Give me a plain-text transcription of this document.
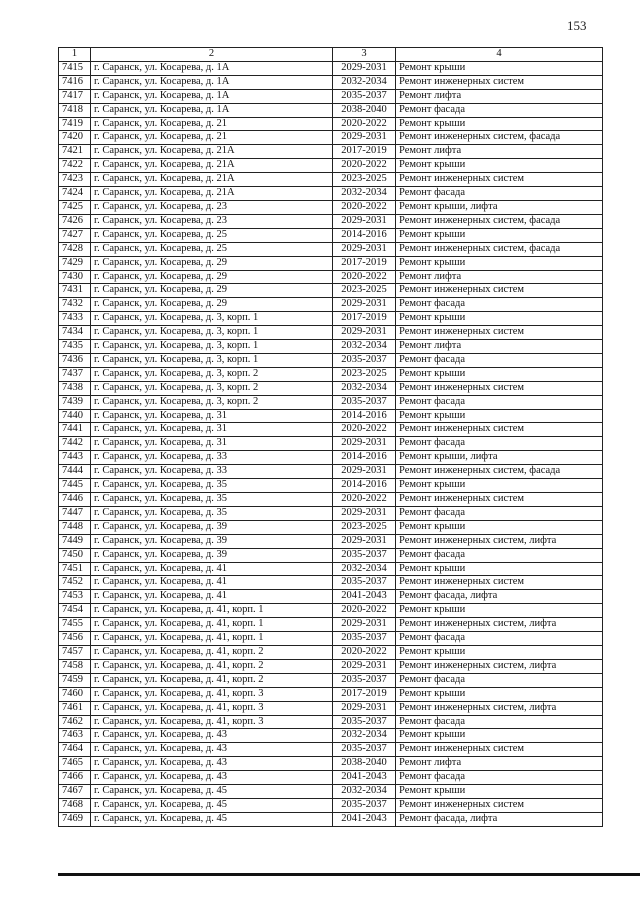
153
1	2	3	4
7415	г. Саранск, ул. Косарева, д. 1А	2029-2031	Ремонт крыши
7416	г. Саранск, ул. Косарева, д. 1А	2032-2034	Ремонт инженерных систем
7417	г. Саранск, ул. Косарева, д. 1А	2035-2037	Ремонт лифта
7418	г. Саранск, ул. Косарева, д. 1А	2038-2040	Ремонт фасада
7419	г. Саранск, ул. Косарева, д. 21	2020-2022	Ремонт крыши
7420	г. Саранск, ул. Косарева, д. 21	2029-2031	Ремонт инженерных систем, фасада
7421	г. Саранск, ул. Косарева, д. 21А	2017-2019	Ремонт лифта
7422	г. Саранск, ул. Косарева, д. 21А	2020-2022	Ремонт крыши
7423	г. Саранск, ул. Косарева, д. 21А	2023-2025	Ремонт инженерных систем
7424	г. Саранск, ул. Косарева, д. 21А	2032-2034	Ремонт фасада
7425	г. Саранск, ул. Косарева, д. 23	2020-2022	Ремонт крыши, лифта
7426	г. Саранск, ул. Косарева, д. 23	2029-2031	Ремонт инженерных систем, фасада
7427	г. Саранск, ул. Косарева, д. 25	2014-2016	Ремонт крыши
7428	г. Саранск, ул. Косарева, д. 25	2029-2031	Ремонт инженерных систем, фасада
7429	г. Саранск, ул. Косарева, д. 29	2017-2019	Ремонт крыши
7430	г. Саранск, ул. Косарева, д. 29	2020-2022	Ремонт лифта
7431	г. Саранск, ул. Косарева, д. 29	2023-2025	Ремонт инженерных систем
7432	г. Саранск, ул. Косарева, д. 29	2029-2031	Ремонт фасада
7433	г. Саранск, ул. Косарева, д. 3, корп. 1	2017-2019	Ремонт крыши
7434	г. Саранск, ул. Косарева, д. 3, корп. 1	2029-2031	Ремонт инженерных систем
7435	г. Саранск, ул. Косарева, д. 3, корп. 1	2032-2034	Ремонт лифта
7436	г. Саранск, ул. Косарева, д. 3, корп. 1	2035-2037	Ремонт фасада
7437	г. Саранск, ул. Косарева, д. 3, корп. 2	2023-2025	Ремонт крыши
7438	г. Саранск, ул. Косарева, д. 3, корп. 2	2032-2034	Ремонт инженерных систем
7439	г. Саранск, ул. Косарева, д. 3, корп. 2	2035-2037	Ремонт фасада
7440	г. Саранск, ул. Косарева, д. 31	2014-2016	Ремонт крыши
7441	г. Саранск, ул. Косарева, д. 31	2020-2022	Ремонт инженерных систем
7442	г. Саранск, ул. Косарева, д. 31	2029-2031	Ремонт фасада
7443	г. Саранск, ул. Косарева, д. 33	2014-2016	Ремонт крыши, лифта
7444	г. Саранск, ул. Косарева, д. 33	2029-2031	Ремонт инженерных систем, фасада
7445	г. Саранск, ул. Косарева, д. 35	2014-2016	Ремонт крыши
7446	г. Саранск, ул. Косарева, д. 35	2020-2022	Ремонт инженерных систем
7447	г. Саранск, ул. Косарева, д. 35	2029-2031	Ремонт фасада
7448	г. Саранск, ул. Косарева, д. 39	2023-2025	Ремонт крыши
7449	г. Саранск, ул. Косарева, д. 39	2029-2031	Ремонт инженерных систем, лифта
7450	г. Саранск, ул. Косарева, д. 39	2035-2037	Ремонт фасада
7451	г. Саранск, ул. Косарева, д. 41	2032-2034	Ремонт крыши
7452	г. Саранск, ул. Косарева, д. 41	2035-2037	Ремонт инженерных систем
7453	г. Саранск, ул. Косарева, д. 41	2041-2043	Ремонт фасада, лифта
7454	г. Саранск, ул. Косарева, д. 41, корп. 1	2020-2022	Ремонт крыши
7455	г. Саранск, ул. Косарева, д. 41, корп. 1	2029-2031	Ремонт инженерных систем, лифта
7456	г. Саранск, ул. Косарева, д. 41, корп. 1	2035-2037	Ремонт фасада
7457	г. Саранск, ул. Косарева, д. 41, корп. 2	2020-2022	Ремонт крыши
7458	г. Саранск, ул. Косарева, д. 41, корп. 2	2029-2031	Ремонт инженерных систем, лифта
7459	г. Саранск, ул. Косарева, д. 41, корп. 2	2035-2037	Ремонт фасада
7460	г. Саранск, ул. Косарева, д. 41, корп. 3	2017-2019	Ремонт крыши
7461	г. Саранск, ул. Косарева, д. 41, корп. 3	2029-2031	Ремонт инженерных систем, лифта
7462	г. Саранск, ул. Косарева, д. 41, корп. 3	2035-2037	Ремонт фасада
7463	г. Саранск, ул. Косарева, д. 43	2032-2034	Ремонт крыши
7464	г. Саранск, ул. Косарева, д. 43	2035-2037	Ремонт инженерных систем
7465	г. Саранск, ул. Косарева, д. 43	2038-2040	Ремонт лифта
7466	г. Саранск, ул. Косарева, д. 43	2041-2043	Ремонт фасада
7467	г. Саранск, ул. Косарева, д. 45	2032-2034	Ремонт крыши
7468	г. Саранск, ул. Косарева, д. 45	2035-2037	Ремонт инженерных систем
7469	г. Саранск, ул. Косарева, д. 45	2041-2043	Ремонт фасада, лифта
